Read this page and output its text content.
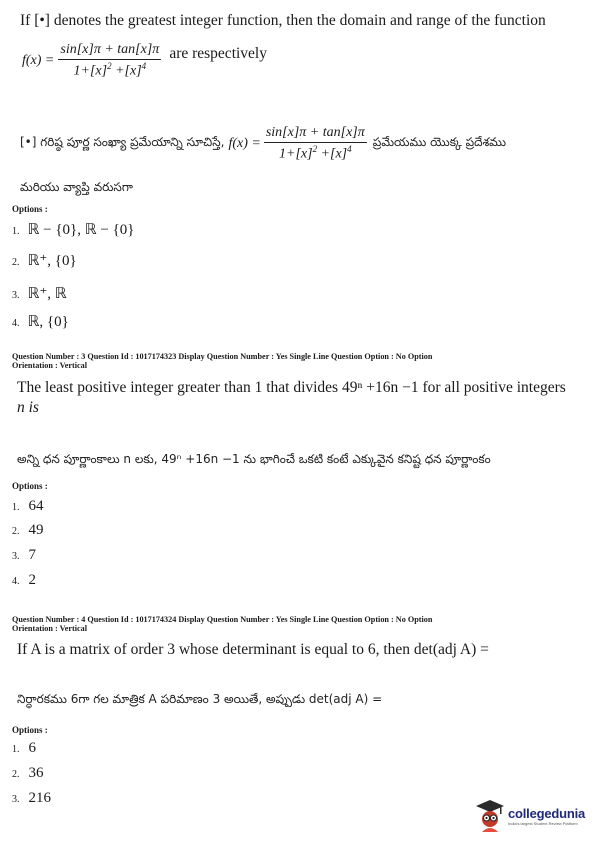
If [•] denotes the greatest integer function, then the domain and range of the function
$f(x) = \frac{\sin[x]\pi + \tan[x]\pi}{1+[x]^2 +[x]^4}$ are respectively
[•] గరిష్ఠ పూర్ణ సంఖ్యా ప్రమేయాన్ని సూచిస్తే, $f(x) = \frac{\sin[x]\pi + \tan[x]\pi}{1+[x]^2 +[x]^4}$ ప్రమేయము యొక్క ప్రదేశము
మరియు వ్యాప్తి వరుసగా
Options :
1. ℝ − {0}, ℝ − {0}
2. ℝ⁺, {0}
3. ℝ⁺, ℝ
4. ℝ, {0}
Question Number : 3 Question Id : 1017174323 Display Question Number : Yes Single Line Question Option : No Option
Orientation : Vertical
The least positive integer greater than 1 that divides 49ⁿ +16n −1 for all positive integers
n is
అన్ని ధన పూర్ణాంకాలు n లకు, 49ⁿ +16n −1 ను భాగించే ఒకటి కంటే ఎక్కువైన కనిష్ట ధన పూర్ణాంకం
Options :
1. 64
2. 49
3. 7
4. 2
Question Number : 4 Question Id : 1017174324 Display Question Number : Yes Single Line Question Option : No Option
Orientation : Vertical
If A is a matrix of order 3 whose determinant is equal to 6, then det(adj A) =
నిర్ధారకము 6గా గల మాత్రిక A పరిమాణం 3 అయితే, అప్పుడు det(adj A) =
Options :
1. 6
2. 36
3. 216
collegedunia
India's largest Student Review Platform
